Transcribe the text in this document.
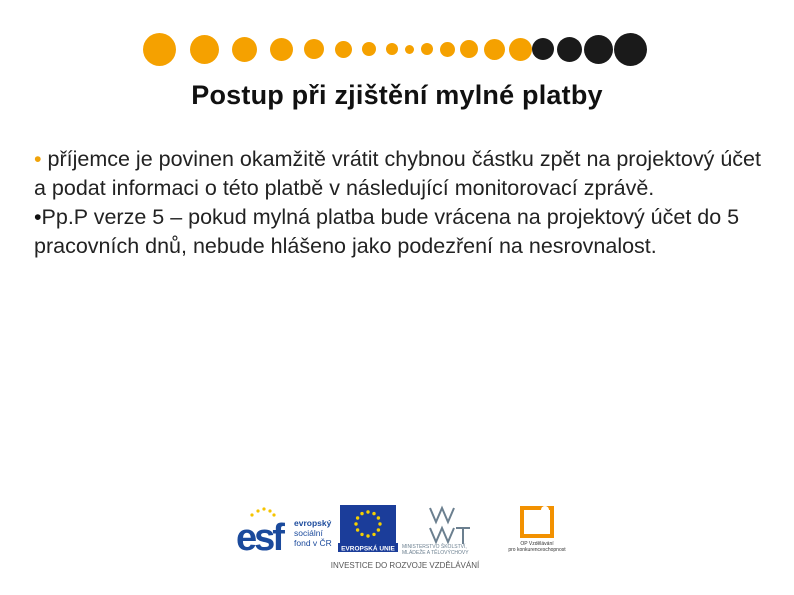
Postup při zjištění mylné platby

• příjemce je povinen okamžitě vrátit chybnou částku zpět na projektový účet a podat informaci o této platbě v následující monitorovací zprávě.

•Pp.P verze 5 – pokud mylná platba bude vrácena na projektový účet do 5 pracovních dnů, nebude hlášeno jako podezření na nesrovnalost.

esf	evropský
sociální
fond v ČR
EVROPSKÁ UNIE MINISTERSTVO ŠKOLSTVÍ,
MLÁDEŽE A TĚLOVÝCHOVY
OP Vzdělávání
pro konkurenceschopnost
INVESTICE DO ROZVOJE VZDĚLÁVÁNÍ
